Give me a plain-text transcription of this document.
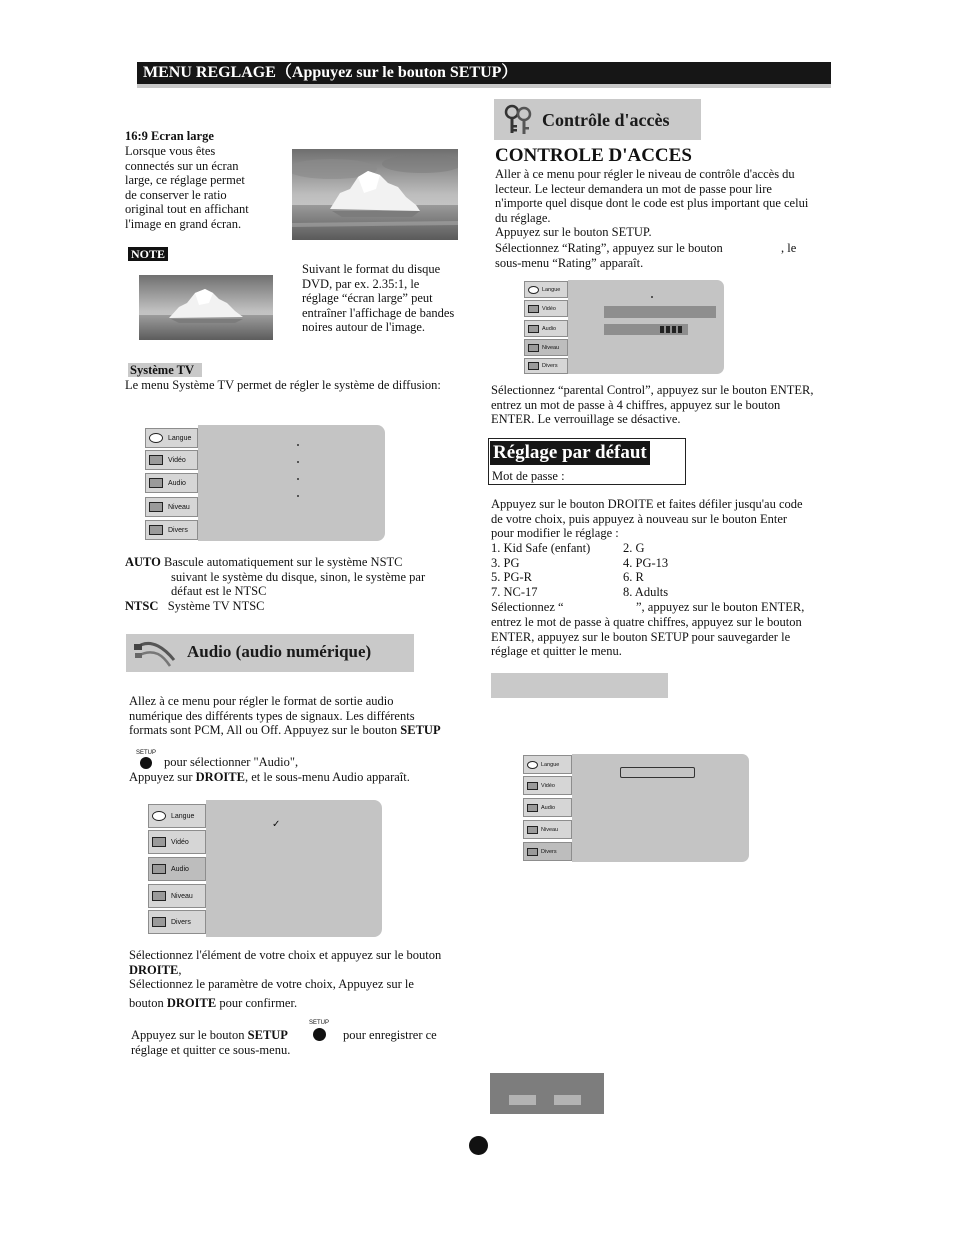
MENU REGLAGE（Appuyez sur le bouton SETUP）
16:9 Ecran large
Lorsque vous êtes
connectés sur un écran
large, ce réglage permet
de conserver le ratio
original tout en affichant
l'image en grand écran.
NOTE
Suivant le format du disque
DVD, par ex. 2.35:1, le
réglage “écran large” peut
entraîner l'affichage de bandes
noires autour de l'image.
Système TV
Le menu Système TV permet de régler le système de diffusion:
Langue
Vidéo
Audio
Niveau
Divers
AUTO Bascule automatiquement sur le système NSTC
suivant le système du disque, sinon, le système par
défaut est le NTSC
NTSC Système TV NTSC
Audio (audio numérique)
Allez à ce menu pour régler le format de sortie audio
numérique des différents types de signaux. Les différents
formats sont PCM, All ou Off. Appuyez sur le bouton SETUP
SETUP
pour sélectionner "Audio",
Appuyez sur DROITE, et le sous-menu Audio apparaît.
Langue
Vidéo
Audio
Niveau
Divers
✓
Sélectionnez l'élément de votre choix et appuyez sur le bouton
DROITE,
Sélectionnez le paramètre de votre choix, Appuyez sur le
bouton DROITE pour confirmer.
Appuyez sur le bouton SETUP
SETUP
pour enregistrer ce
réglage et quitter ce sous-menu.
Contrôle d'accès
CONTROLE D'ACCES
Aller à ce menu pour régler le niveau de contrôle d'accès du
lecteur. Le lecteur demandera un mot de passe pour lire
n'importe quel disque dont le code est plus important que celui
du réglage.
Appuyez sur le bouton SETUP.
Sélectionnez “Rating”, appuyez sur le bouton	, le
sous-menu “Rating” apparaît.
Langue
Vidéo
Audio
Niveau
Divers
Sélectionnez “parental Control”, appuyez sur le bouton ENTER,
entrez un mot de passe à 4 chiffres, appuyez sur le bouton
ENTER. Le verrouillage se désactive.
Réglage par défaut
Mot de passe :
Appuyez sur le bouton DROITE et faites défiler jusqu'au code
de votre choix, puis appuyez à nouveau sur le bouton Enter
pour modifier le réglage :
1. Kid Safe (enfant)	2. G
3. PG	4. PG-13
5. PG-R	6. R
7. NC-17	8. Adults
Sélectionnez “	”, appuyez sur le bouton ENTER,
entrez le mot de passe à quatre chiffres, appuyez sur le bouton
ENTER, appuyez sur le bouton SETUP pour sauvegarder le
réglage et quitter le menu.
Langue
Vidéo
Audio
Niveau
Divers
